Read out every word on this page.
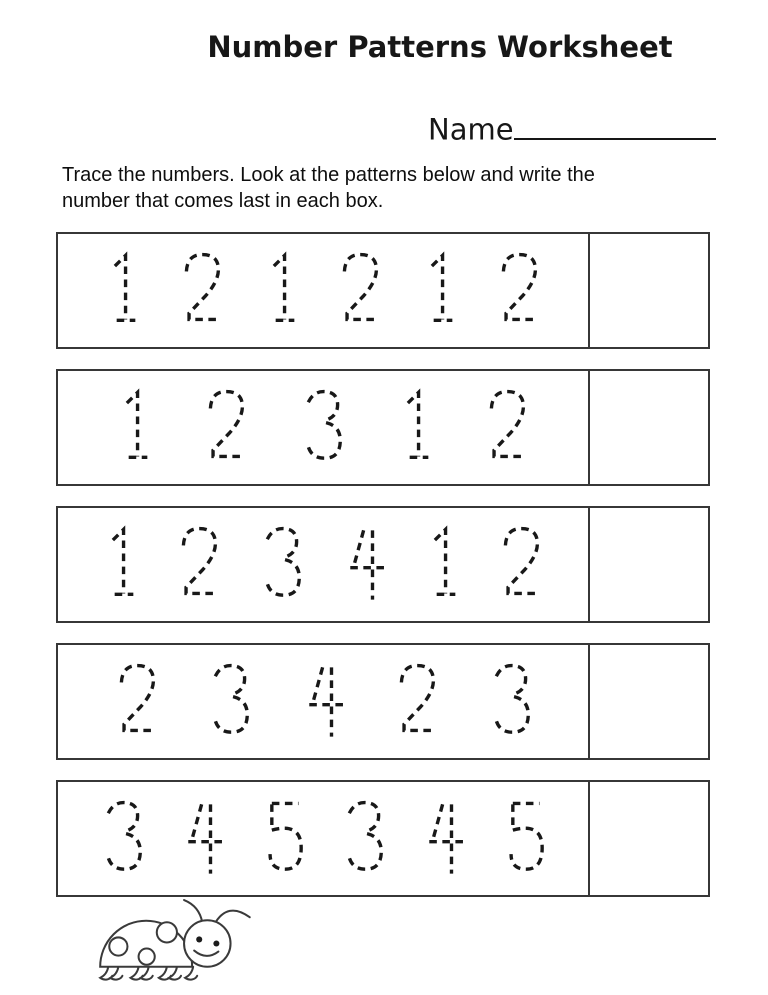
Number Patterns Worksheet
Name
Trace the numbers. Look at the patterns below and write the
number that comes last in each box.
